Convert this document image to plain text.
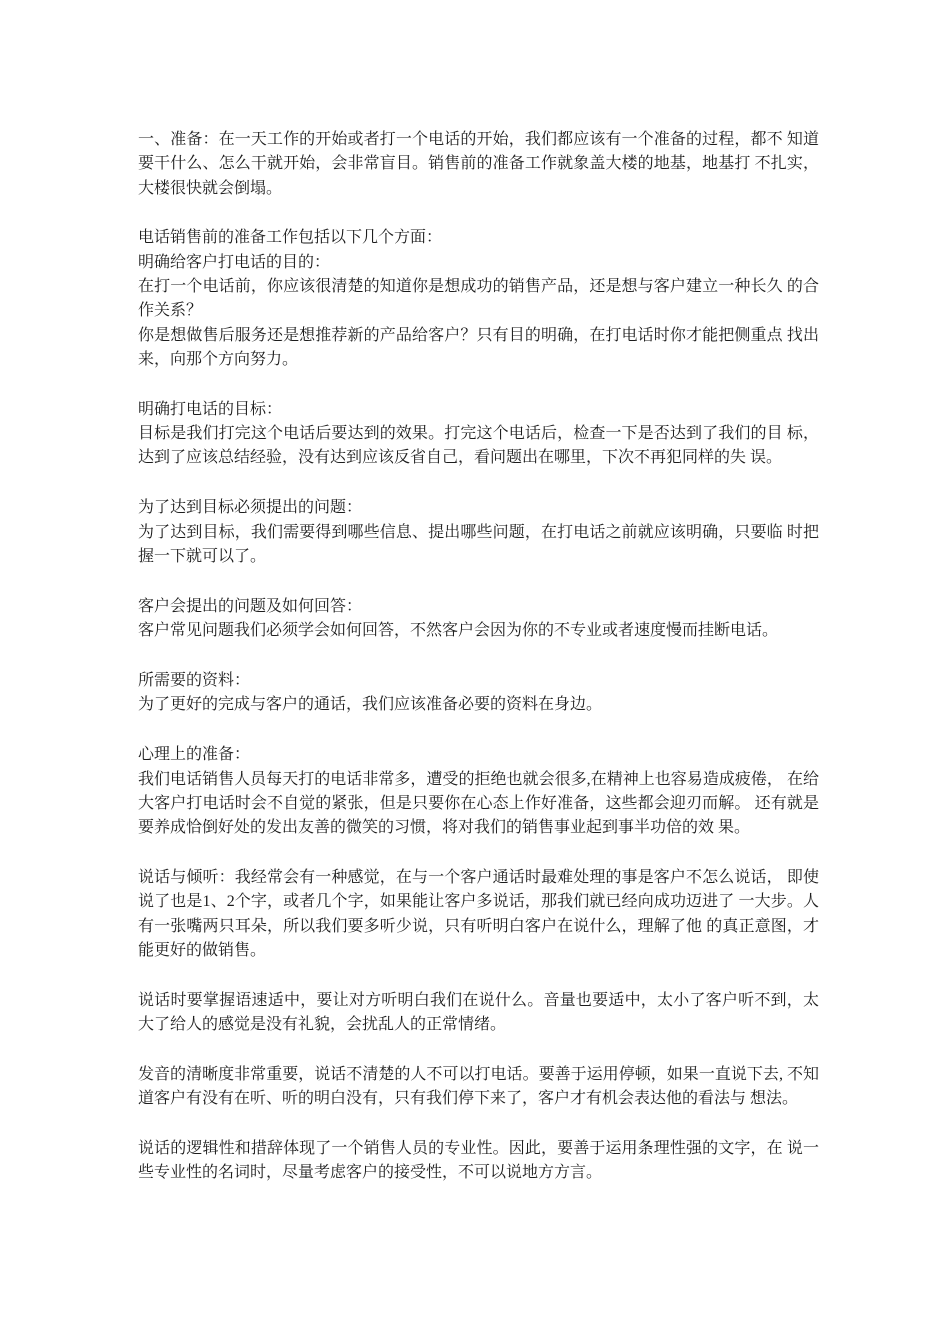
一、准备：在一天工作的开始或者打一个电话的开始，我们都应该有一个准备的过程，都不 知道要干什么、怎么干就开始，会非常盲目。销售前的准备工作就象盖大楼的地基，地基打 不扎实，大楼很快就会倒塌。

电话销售前的准备工作包括以下几个方面：

明确给客户打电话的目的：

在打一个电话前，你应该很清楚的知道你是想成功的销售产品，还是想与客户建立一种长久 的合作关系？

你是想做售后服务还是想推荐新的产品给客户？只有目的明确，在打电话时你才能把侧重点 找出来，向那个方向努力。

明确打电话的目标：

目标是我们打完这个电话后要达到的效果。打完这个电话后，检查一下是否达到了我们的目 标，达到了应该总结经验，没有达到应该反省自己，看问题出在哪里，下次不再犯同样的失 误。

为了达到目标必须提出的问题：

为了达到目标，我们需要得到哪些信息、提出哪些问题，在打电话之前就应该明确，只要临 时把握一下就可以了。

客户会提出的问题及如何回答：

客户常见问题我们必须学会如何回答，不然客户会因为你的不专业或者速度慢而挂断电话。

所需要的资料：

为了更好的完成与客户的通话，我们应该准备必要的资料在身边。

心理上的准备：

我们电话销售人员每天打的电话非常多，遭受的拒绝也就会很多,在精神上也容易造成疲倦， 在给大客户打电话时会不自觉的紧张，但是只要你在心态上作好准备，这些都会迎刃而解。 还有就是要养成恰倒好处的发出友善的微笑的习惯，将对我们的销售事业起到事半功倍的效 果。

说话与倾听：我经常会有一种感觉，在与一个客户通话时最难处理的事是客户不怎么说话， 即使说了也是1、2个字，或者几个字，如果能让客户多说话，那我们就已经向成功迈进了 一大步。人有一张嘴两只耳朵，所以我们要多听少说，只有听明白客户在说什么，理解了他 的真正意图，才能更好的做销售。

说话时要掌握语速适中，要让对方听明白我们在说什么。音量也要适中，太小了客户听不到，太大了给人的感觉是没有礼貌，会扰乱人的正常情绪。

发音的清晰度非常重要，说话不清楚的人不可以打电话。要善于运用停顿，如果一直说下去, 不知道客户有没有在听、听的明白没有，只有我们停下来了，客户才有机会表达他的看法与 想法。

说话的逻辑性和措辞体现了一个销售人员的专业性。因此，要善于运用条理性强的文字，在 说一些专业性的名词时，尽量考虑客户的接受性，不可以说地方方言。
